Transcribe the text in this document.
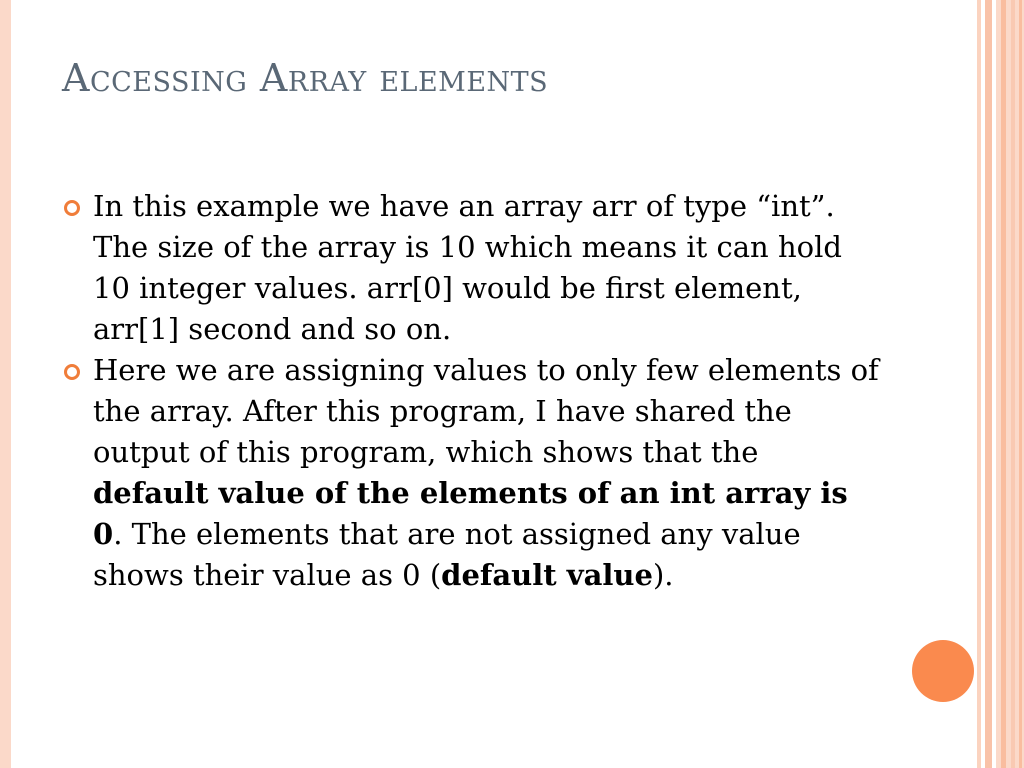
Accessing Array elements
In this example we have an array arr of type “int”. The size of the array is 10 which means it can hold 10 integer values. arr[0] would be first element, arr[1] second and so on.
Here we are assigning values to only few elements of the array. After this program, I have shared the output of this program, which shows that the default value of the elements of an int array is 0. The elements that are not assigned any value shows their value as 0 (default value).
